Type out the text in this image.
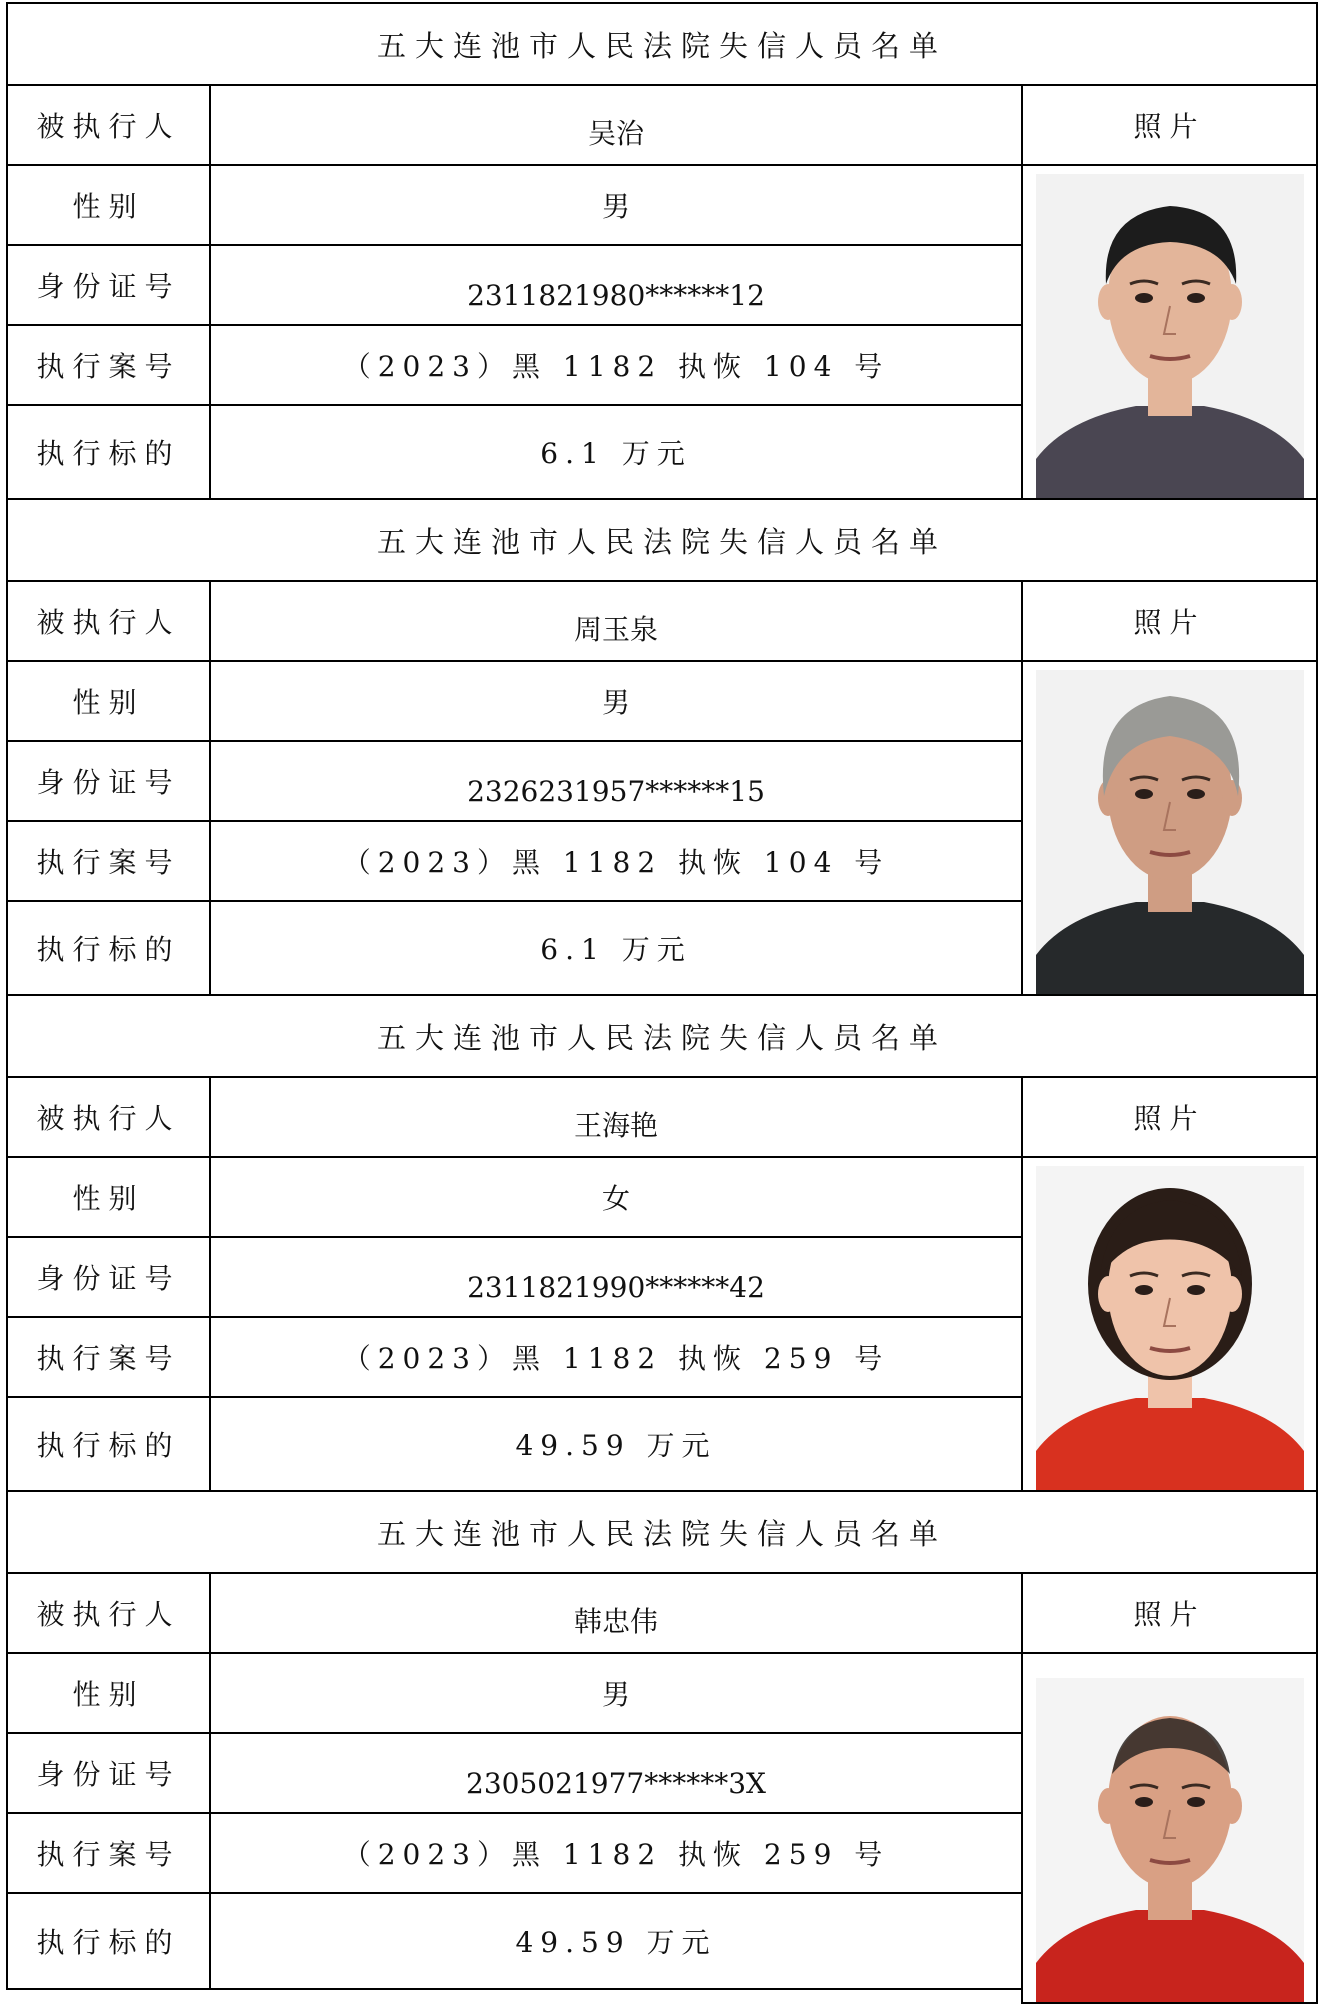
五大连池市人民法院失信人员名单
被执行人	吴治
性别	男
身份证号	2311821980******12
执行案号	（2023）黑 1182 执恢 104 号
执行标的	6.1 万元
照片
五大连池市人民法院失信人员名单
被执行人	周玉泉
性别	男
身份证号	2326231957******15
执行案号	（2023）黑 1182 执恢 104 号
执行标的	6.1 万元
照片
五大连池市人民法院失信人员名单
被执行人	王海艳
性别	女
身份证号	2311821990******42
执行案号	（2023）黑 1182 执恢 259 号
执行标的	49.59 万元
照片
五大连池市人民法院失信人员名单
被执行人	韩忠伟
性别	男
身份证号	2305021977******3X
执行案号	（2023）黑 1182 执恢 259 号
执行标的	49.59 万元
照片
